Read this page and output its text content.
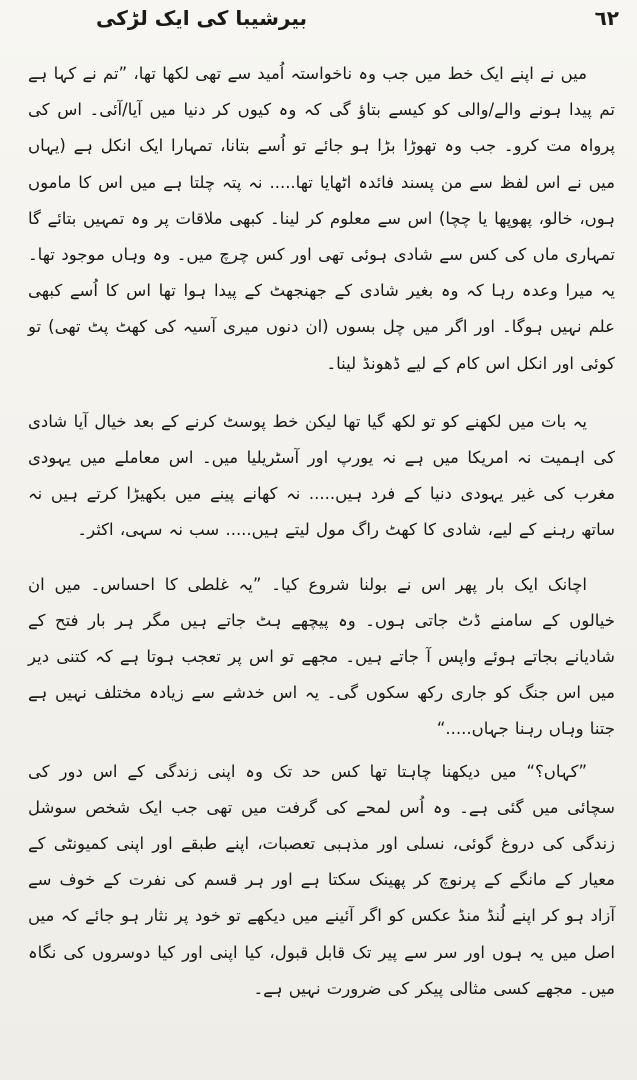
٦٢
بیرشیبا کی ایک لڑکی

میں نے اپنے ایک خط میں جب وہ ناخواستہ اُمید سے تھی لکھا تھا، ”تم نے کہا ہے تم پیدا ہونے والے/والی کو کیسے بتاؤ گی کہ وہ کیوں کر دنیا میں آیا/آئی۔ اس کی پرواہ مت کرو۔ جب وہ تھوڑا بڑا ہو جائے تو اُسے بتانا، تمہارا ایک انکل ہے (یہاں میں نے اس لفظ سے من پسند فائدہ اٹھایا تھا..... نہ پتہ چلتا ہے میں اس کا ماموں ہوں، خالو، پھوپھا یا چچا) اس سے معلوم کر لینا۔ کبھی ملاقات پر وہ تمہیں بتائے گا تمہاری ماں کی کس سے شادی ہوئی تھی اور کس چرچ میں۔ وہ وہاں موجود تھا۔ یہ میرا وعدہ رہا کہ وہ بغیر شادی کے جھنجھٹ کے پیدا ہوا تھا اس کا اُسے کبھی علم نہیں ہوگا۔ اور اگر میں چل بسوں (ان دنوں میری آسیہ کی کھٹ پٹ تھی) تو کوئی اور انکل اس کام کے لیے ڈھونڈ لینا۔

یہ بات میں لکھنے کو تو لکھ گیا تھا لیکن خط پوسٹ کرنے کے بعد خیال آیا شادی کی اہمیت نہ امریکا میں ہے نہ یورپ اور آسٹریلیا میں۔ اس معاملے میں یہودی مغرب کی غیر یہودی دنیا کے فرد ہیں..... نہ کھانے پینے میں بکھیڑا کرتے ہیں نہ ساتھ رہنے کے لیے، شادی کا کھٹ راگ مول لیتے ہیں..... سب نہ سہی، اکثر۔

اچانک ایک بار پھر اس نے بولنا شروع کیا۔ ”یہ غلطی کا احساس۔ میں ان خیالوں کے سامنے ڈٹ جاتی ہوں۔ وہ پیچھے ہٹ جاتے ہیں مگر ہر بار فتح کے شادیانے بجاتے ہوئے واپس آ جاتے ہیں۔ مجھے تو اس پر تعجب ہوتا ہے کہ کتنی دیر میں اس جنگ کو جاری رکھ سکوں گی۔ یہ اس خدشے سے زیادہ مختلف نہیں ہے جتنا وہاں رہنا جہاں.....“

”کہاں؟“ میں دیکھنا چاہتا تھا کس حد تک وہ اپنی زندگی کے اس دور کی سچائی میں گئی ہے۔ وہ اُس لمحے کی گرفت میں تھی جب ایک شخص سوشل زندگی کی دروغ گوئی، نسلی اور مذہبی تعصبات، اپنے طبقے اور اپنی کمیونٹی کے معیار کے مانگے کے پرنوچ کر پھینک سکتا ہے اور ہر قسم کی نفرت کے خوف سے آزاد ہو کر اپنے لُنڈ منڈ عکس کو اگر آئینے میں دیکھے تو خود پر نثار ہو جائے کہ میں اصل میں یہ ہوں اور سر سے پیر تک قابل قبول، کیا اپنی اور کیا دوسروں کی نگاہ میں۔ مجھے کسی مثالی پیکر کی ضرورت نہیں ہے۔
